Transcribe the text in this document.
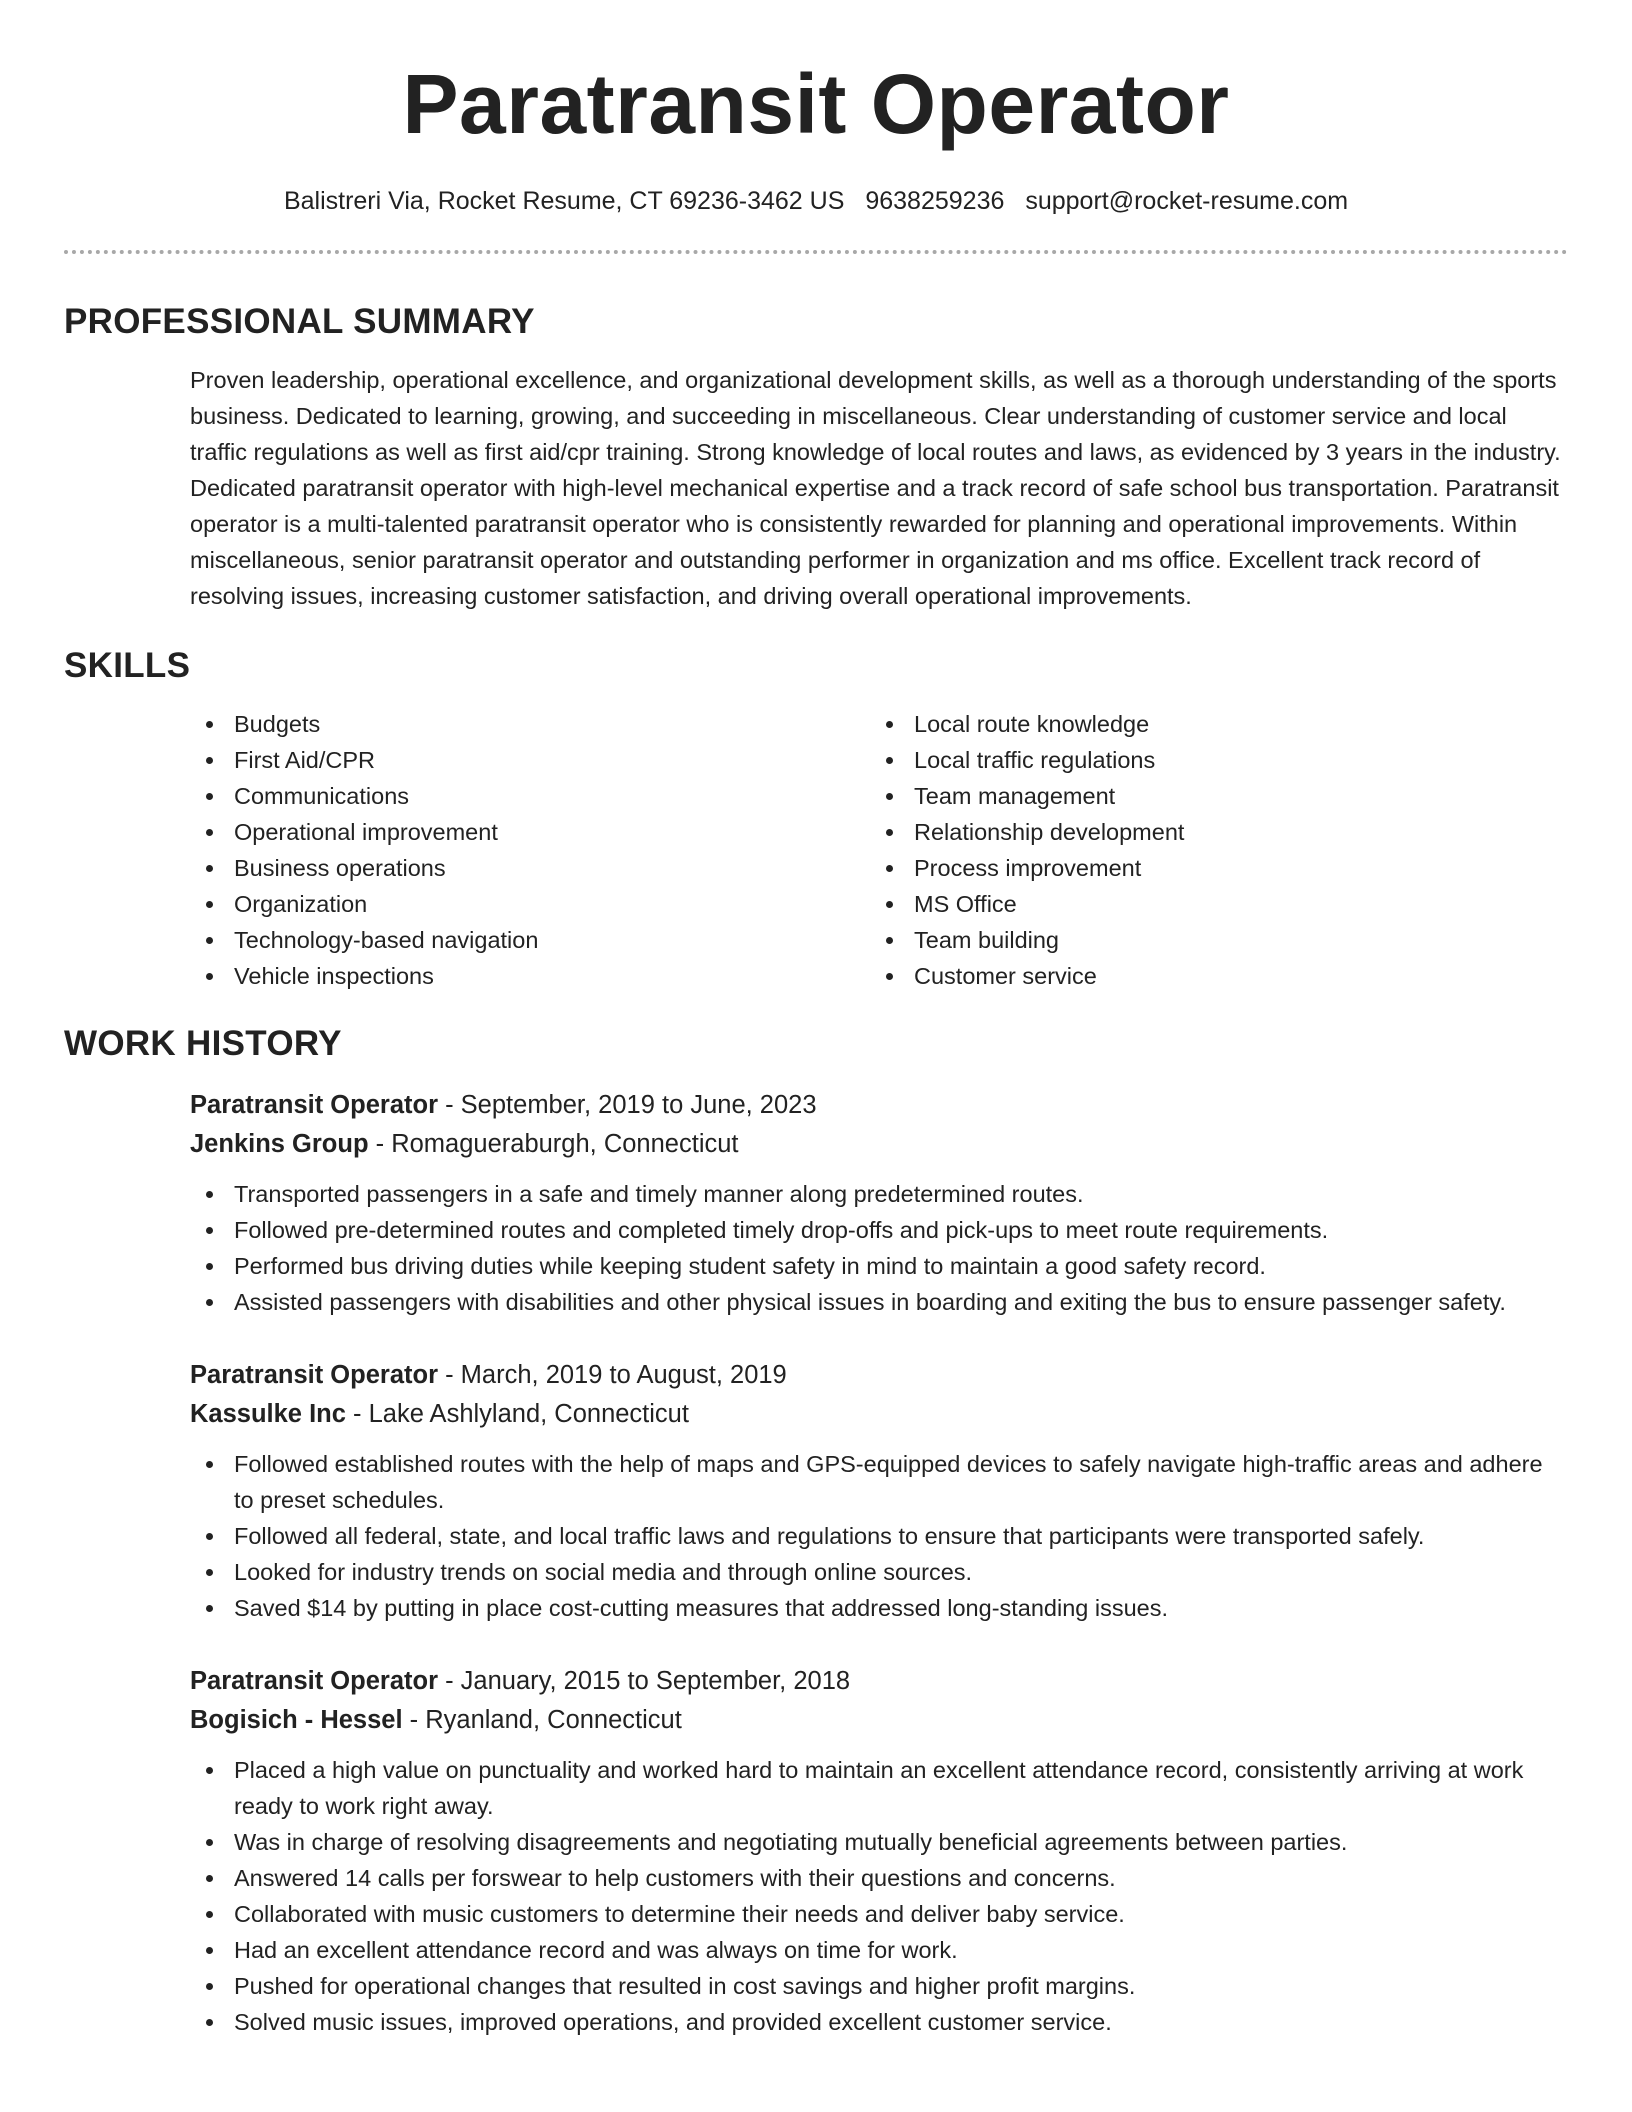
Paratransit Operator
Balistreri Via, Rocket Resume, CT 69236-3462 US 9638259236 support@rocket-resume.com
PROFESSIONAL SUMMARY

Proven leadership, operational excellence, and organizational development skills, as well as a thorough understanding of the sports business. Dedicated to learning, growing, and succeeding in miscellaneous. Clear understanding of customer service and local traffic regulations as well as first aid/cpr training. Strong knowledge of local routes and laws, as evidenced by 3 years in the industry. Dedicated paratransit operator with high-level mechanical expertise and a track record of safe school bus transportation. Paratransit operator is a multi-talented paratransit operator who is consistently rewarded for planning and operational improvements. Within miscellaneous, senior paratransit operator and outstanding performer in organization and ms office. Excellent track record of resolving issues, increasing customer satisfaction, and driving overall operational improvements.

SKILLS
Budgets
First Aid/CPR
Communications
Operational improvement
Business operations
Organization
Technology-based navigation
Vehicle inspections
Local route knowledge
Local traffic regulations
Team management
Relationship development
Process improvement
MS Office
Team building
Customer service
WORK HISTORY
Paratransit Operator - September, 2019 to June, 2023
Jenkins Group - Romagueraburgh, Connecticut
Transported passengers in a safe and timely manner along predetermined routes.
Followed pre-determined routes and completed timely drop-offs and pick-ups to meet route requirements.
Performed bus driving duties while keeping student safety in mind to maintain a good safety record.
Assisted passengers with disabilities and other physical issues in boarding and exiting the bus to ensure passenger safety.
Paratransit Operator - March, 2019 to August, 2019
Kassulke Inc - Lake Ashlyland, Connecticut
Followed established routes with the help of maps and GPS-equipped devices to safely navigate high-traffic areas and adhere to preset schedules.
Followed all federal, state, and local traffic laws and regulations to ensure that participants were transported safely.
Looked for industry trends on social media and through online sources.
Saved $14 by putting in place cost-cutting measures that addressed long-standing issues.
Paratransit Operator - January, 2015 to September, 2018
Bogisich - Hessel - Ryanland, Connecticut
Placed a high value on punctuality and worked hard to maintain an excellent attendance record, consistently arriving at work ready to work right away.
Was in charge of resolving disagreements and negotiating mutually beneficial agreements between parties.
Answered 14 calls per forswear to help customers with their questions and concerns.
Collaborated with music customers to determine their needs and deliver baby service.
Had an excellent attendance record and was always on time for work.
Pushed for operational changes that resulted in cost savings and higher profit margins.
Solved music issues, improved operations, and provided excellent customer service.
